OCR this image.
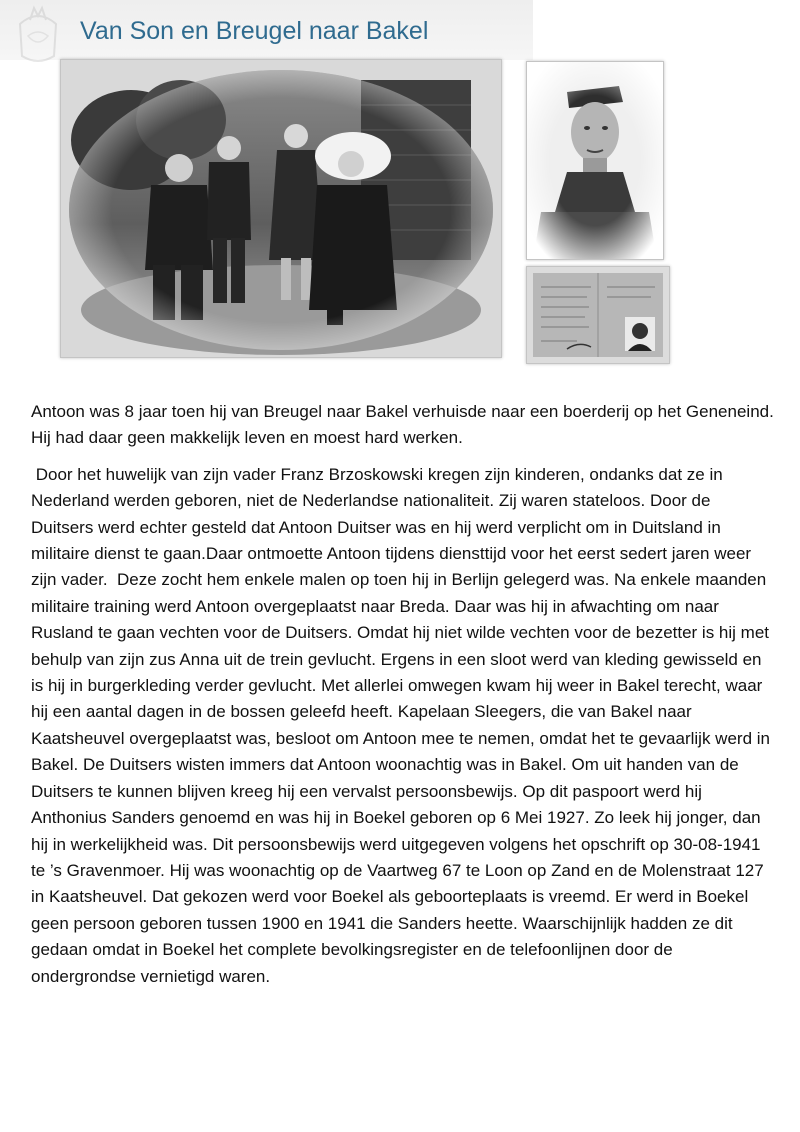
Van Son en Breugel naar Bakel

Antoon was 8 jaar toen hij van Breugel naar Bakel verhuisde naar een boerderij op het Geneneind. Hij had daar geen makkelijk leven en moest hard werken.

Door het huwelijk van zijn vader Franz Brzoskowski kregen zijn kinderen, ondanks dat ze in Nederland werden geboren, niet de Nederlandse nationaliteit. Zij waren stateloos. Door de Duitsers werd echter gesteld dat Antoon Duitser was en hij werd verplicht om in Duitsland in militaire dienst te gaan.Daar ontmoette Antoon tijdens diensttijd voor het eerst sedert jaren weer zijn vader.  Deze zocht hem enkele malen op toen hij in Berlijn gelegerd was. Na enkele maanden militaire training werd Antoon overgeplaatst naar Breda. Daar was hij in afwachting om naar Rusland te gaan vechten voor de Duitsers. Omdat hij niet wilde vechten voor de bezetter is hij met behulp van zijn zus Anna uit de trein gevlucht. Ergens in een sloot werd van kleding gewisseld en is hij in burgerkleding verder gevlucht. Met allerlei omwegen kwam hij weer in Bakel terecht, waar hij een aantal dagen in de bossen geleefd heeft. Kapelaan Sleegers, die van Bakel naar Kaatsheuvel overgeplaatst was, besloot om Antoon mee te nemen, omdat het te gevaarlijk werd in Bakel. De Duitsers wisten immers dat Antoon woonachtig was in Bakel. Om uit handen van de Duitsers te kunnen blijven kreeg hij een vervalst persoonsbewijs. Op dit paspoort werd hij Anthonius Sanders genoemd en was hij in Boekel geboren op 6 Mei 1927. Zo leek hij jonger, dan hij in werkelijkheid was. Dit persoonsbewijs werd uitgegeven volgens het opschrift op 30-08-1941 te ’s Gravenmoer. Hij was woonachtig op de Vaartweg 67 te Loon op Zand en de Molenstraat 127 in Kaatsheuvel. Dat gekozen werd voor Boekel als geboorteplaats is vreemd. Er werd in Boekel geen persoon geboren tussen 1900 en 1941 die Sanders heette. Waarschijnlijk hadden ze dit gedaan omdat in Boekel het complete bevolkingsregister en de telefoonlijnen door de ondergrondse vernietigd waren.
